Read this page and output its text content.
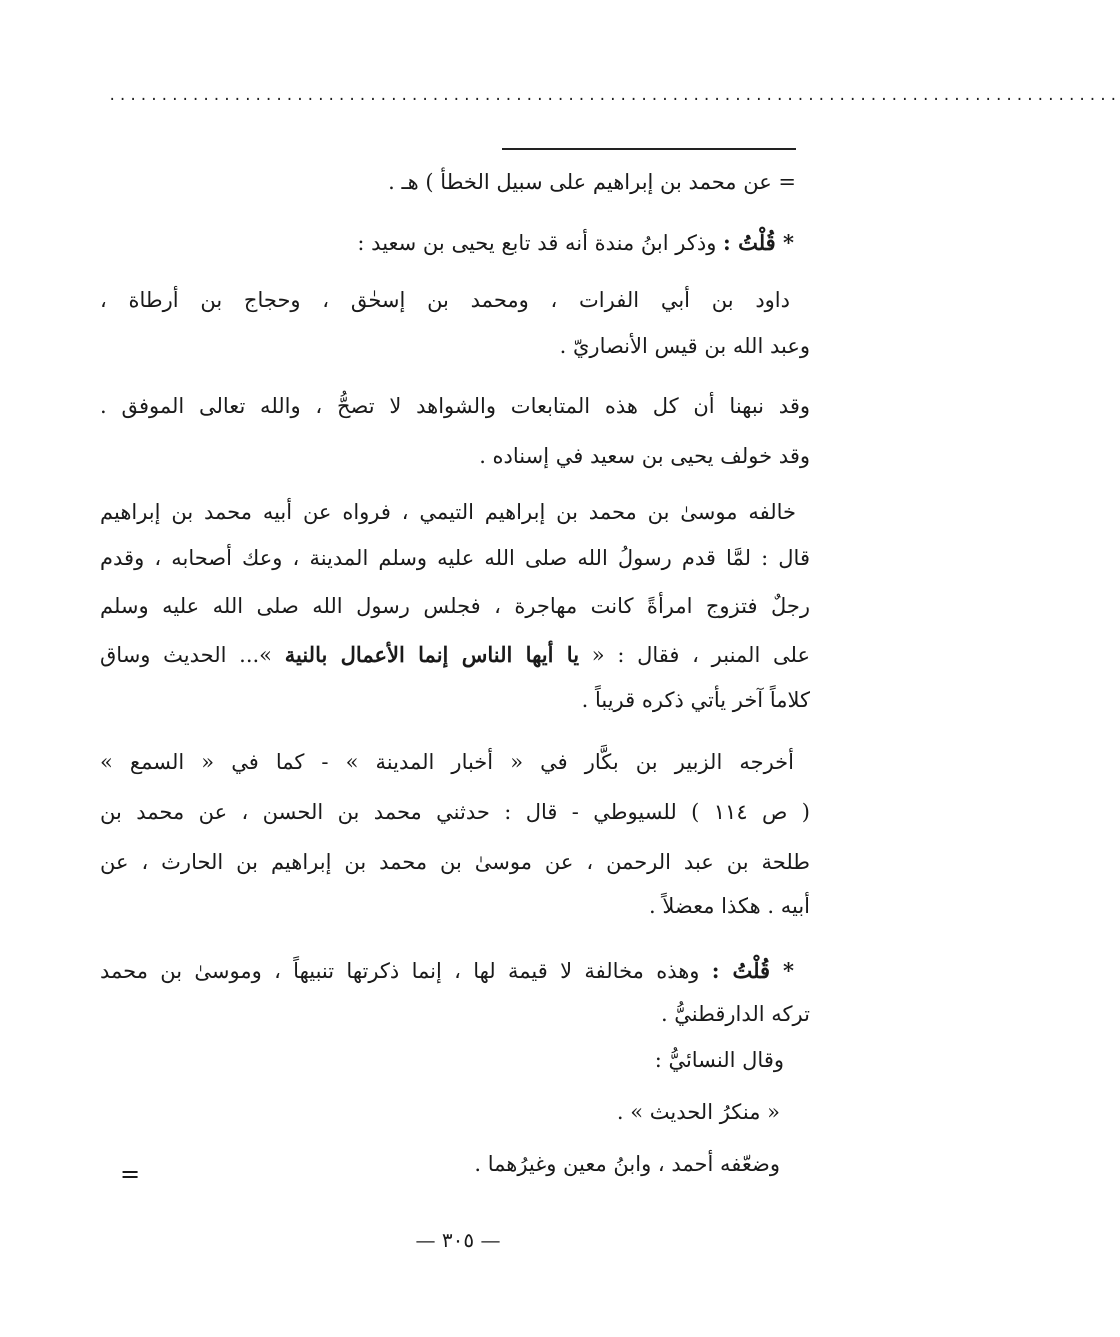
.................................................................................................
= عن محمد بن إبراهيم على سبيل الخطأ ) هـ .
* قُلْتُ : وذكر ابنُ مندة أنه قد تابع يحيى بن سعيد :
داود بن أبي الفرات ، ومحمد بن إسحٰق ، وحجاج بن أرطاة ،
وعبد الله بن قيس الأنصاريّ .
وقد نبهنا أن كل هذه المتابعات والشواهد لا تصحُّ ، والله تعالى الموفق .
وقد خولف يحيى بن سعيد في إسناده .
خالفه موسىٰ بن محمد بن إبراهيم التيمي ، فرواه عن أبيه محمد بن إبراهيم
قال : لمَّا قدم رسولُ الله صلى الله عليه وسلم المدينة ، وعك أصحابه ، وقدم
رجلٌ فتزوج امرأةً كانت مهاجرة ، فجلس رسول الله صلى الله عليه وسلم
على المنبر ، فقال : « يا أيها الناس إنما الأعمال بالنية »... الحديث وساق
كلاماً آخر يأتي ذكره قريباً .
أخرجه الزبير بن بكَّار في « أخبار المدينة » - كما في « السمع »
( ص ١١٤ ) للسيوطي - قال : حدثني محمد بن الحسن ، عن محمد بن
طلحة بن عبد الرحمن ، عن موسىٰ بن محمد بن إبراهيم بن الحارث ، عن
أبيه . هكذا معضلاً .
* قُلْتُ : وهذه مخالفة لا قيمة لها ، إنما ذكرتها تنبيهاً ، وموسىٰ بن محمد
تركه الدارقطنيُّ .
وقال النسائيُّ :
« منكرُ الحديث » .
وضعّفه أحمد ، وابنُ معين وغيرُهما .
=
— ٣٠٥ —
